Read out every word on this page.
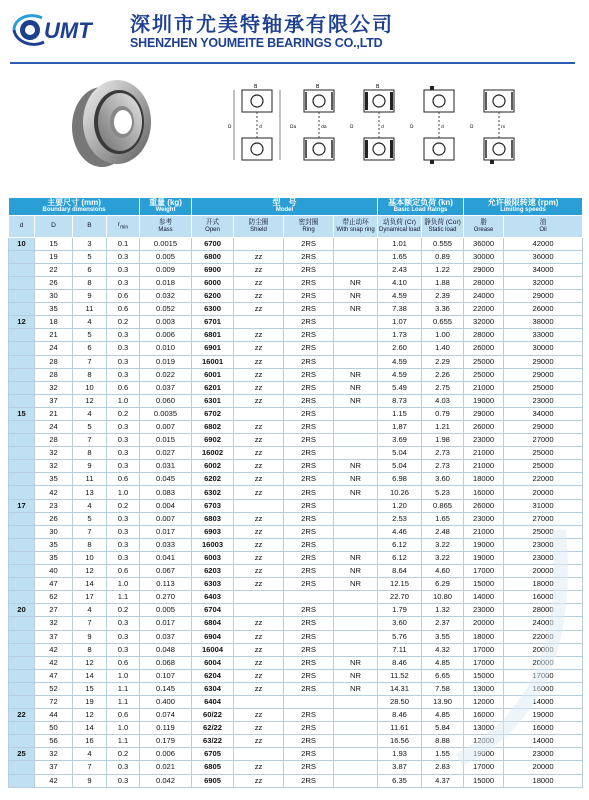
UMT 深圳市尤美特轴承有限公司
SHENZHEN YOUMEITE BEARINGS CO.,LTD
B
D	d
B
Da	da
B
D	d	D	d	D	rs
主要尺寸 (mm)
Boundary dimensions				重量 (kg)
Weight	型　号
Model				基本额定负荷 (kn)
Basic Load Raings		允许极限转速 (rpm)
Limiting speeds	

d	D	B	$r_{min}$	参考
Mass	开式
Open	防尘圈
Shield	密封圈
Ring	带止动环
With snap ring	动负荷 (Cr)
Dynamical load	静负荷 (Cor)
Static load	脂
Grease	油
Oil

10	15	3	0.1	0.0015	6700		2RS		1.01	0.555	36000	42000
	19	5	0.3	0.005	6800	zz	2RS		1.65	0.89	30000	36000
	22	6	0.3	0.009	6900	zz	2RS		2.43	1.22	29000	34000
	26	8	0.3	0.018	6000	zz	2RS	NR	4.10	1.88	28000	32000
	30	9	0.6	0.032	6200	zz	2RS	NR	4.59	2.39	24000	29000
	35	11	0.6	0.052	6300	zz	2RS	NR	7.38	3.36	22000	26000
12	18	4	0.2	0.003	6701		2RS		1.07	0.655	32000	38000
	21	5	0.3	0.006	6801	zz	2RS		1.73	1.00	28000	33000
	24	6	0.3	0.010	6901	zz	2RS		2.60	1.40	26000	30000
	28	7	0.3	0.019	16001	zz	2RS		4.59	2.29	25000	29000
	28	8	0.3	0.022	6001	zz	2RS	NR	4.59	2.26	25000	29000
	32	10	0.6	0.037	6201	zz	2RS	NR	5.49	2.75	21000	25000
	37	12	1.0	0.060	6301	zz	2RS	NR	8.73	4.03	19000	23000
15	21	4	0.2	0.0035	6702		2RS		1.15	0.79	29000	34000
	24	5	0.3	0.007	6802	zz	2RS		1.87	1.21	26000	29000
	28	7	0.3	0.015	6902	zz	2RS		3.69	1.98	23000	27000
	32	8	0.3	0.027	16002	zz	2RS		5.04	2.73	21000	25000
	32	9	0.3	0.031	6002	zz	2RS	NR	5.04	2.73	21000	25000
	35	11	0.6	0.045	6202	zz	2RS	NR	6.98	3.60	18000	22000
	42	13	1.0	0.083	6302	zz	2RS	NR	10.26	5.23	16000	20000
17	23	4	0.2	0.004	6703		2RS		1.20	0.865	26000	31000
	26	5	0.3	0.007	6803	zz	2RS		2.53	1.65	23000	27000
	30	7	0.3	0.017	6903	zz	2RS		4.46	2.48	21000	25000
	35	8	0.3	0.033	16003	zz	2RS		6.12	3.22	19000	23000
	35	10	0.3	0.041	6003	zz	2RS	NR	6.12	3.22	19000	23000
	40	12	0.6	0.067	6203	zz	2RS	NR	8.64	4.60	17000	20000
	47	14	1.0	0.113	6303	zz	2RS	NR	12.15	6.29	15000	18000
	62	17	1.1	0.270	6403				22.70	10.80	14000	16000
20	27	4	0.2	0.005	6704		2RS		1.79	1.32	23000	28000
	32	7	0.3	0.017	6804	zz	2RS		3.60	2.37	20000	24000
	37	9	0.3	0.037	6904	zz	2RS		5.76	3.55	18000	22000
	42	8	0.3	0.048	16004	zz	2RS		7.11	4.32	17000	20000
	42	12	0.6	0.068	6004	zz	2RS	NR	8.46	4.85	17000	20000
	47	14	1.0	0.107	6204	zz	2RS	NR	11.52	6.65	15000	17000
	52	15	1.1	0.145	6304	zz	2RS	NR	14.31	7.58	13000	16000
	72	19	1.1	0.400	6404				28.50	13.90	12000	14000
22	44	12	0.6	0.074	60/22	zz	2RS		8.46	4.85	16000	19000
	50	14	1.0	0.119	62/22	zz	2RS		11.61	5.84	13000	16000
	56	16	1.1	0.179	63/22	zz	2RS		16.56	8.88	12000	14000
25	32	4	0.2	0.006	6705		2RS		1.93	1.55	19000	23000
	37	7	0.3	0.021	6805	zz	2RS		3.87	2.83	17000	20000
	42	9	0.3	0.042	6905	zz	2RS		6.35	4.37	15000	18000
